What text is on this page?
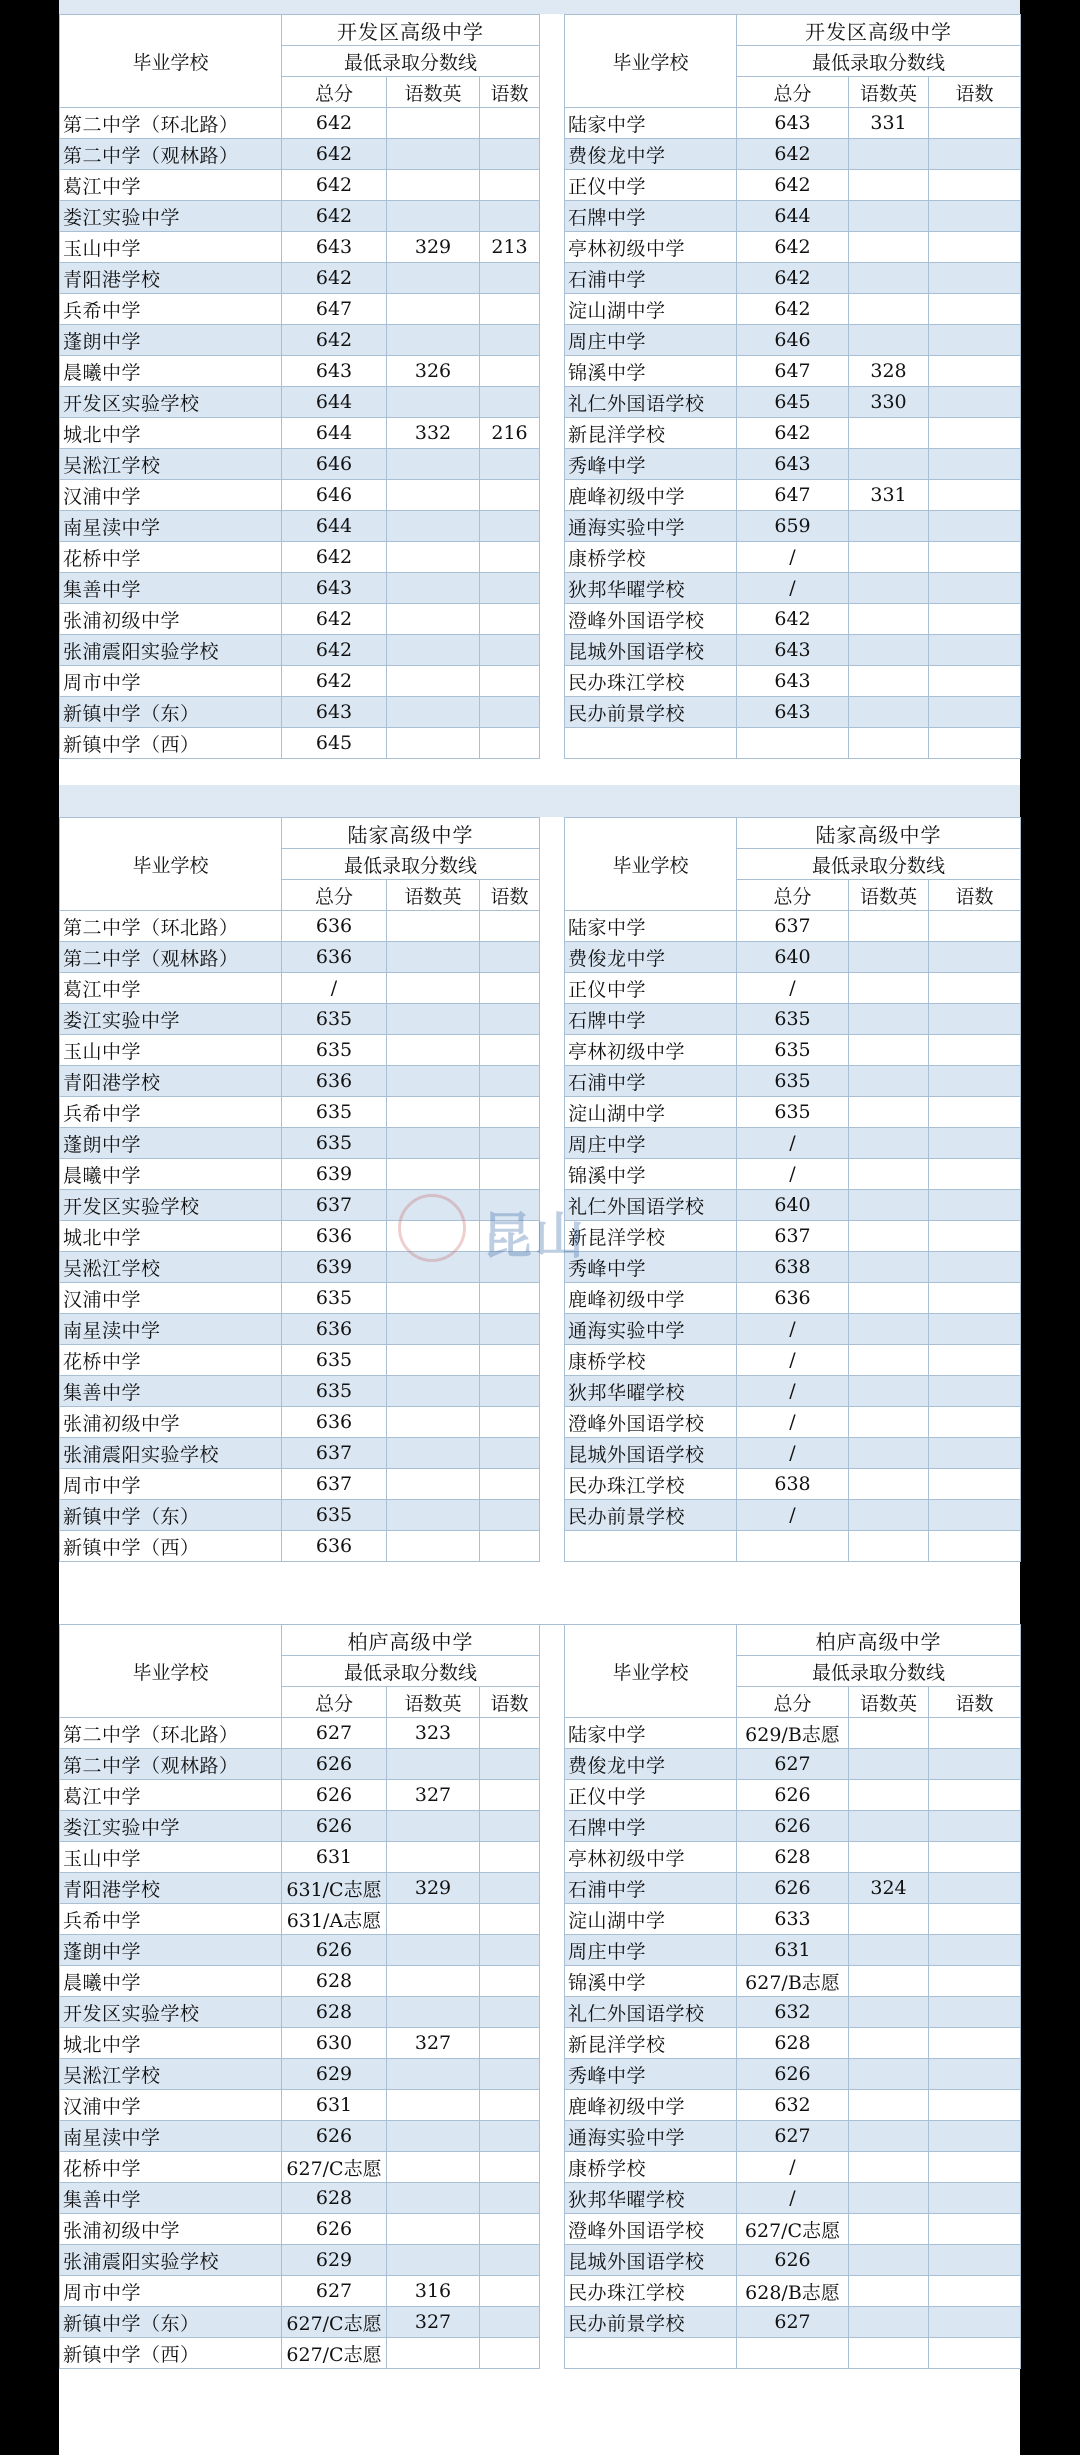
毕业学校	开发区高级中学		
	最低录取分数线		
	总分	语数英	语数
第二中学（环北路）	642		
第二中学（观林路）	642		
葛江中学	642		
娄江实验中学	642		
玉山中学	643	329	213
青阳港学校	642		
兵希中学	647		
蓬朗中学	642		
晨曦中学	643	326	
开发区实验学校	644		
城北中学	644	332	216
吴淞江学校	646		
汉浦中学	646		
南星渎中学	644		
花桥中学	642		
集善中学	643		
张浦初级中学	642		
张浦震阳实验学校	642		
周市中学	642		
新镇中学（东）	643		
新镇中学（西）	645		
毕业学校	开发区高级中学		
	最低录取分数线		
	总分	语数英	语数
陆家中学	643	331	
费俊龙中学	642		
正仪中学	642		
石牌中学	644		
亭林初级中学	642		
石浦中学	642		
淀山湖中学	642		
周庄中学	646		
锦溪中学	647	328	
礼仁外国语学校	645	330	
新昆洋学校	642		
秀峰中学	643		
鹿峰初级中学	647	331	
通海实验中学	659		
康桥学校	/		
狄邦华曜学校	/		
澄峰外国语学校	642		
昆城外国语学校	643		
民办珠江学校	643		
民办前景学校	643		

毕业学校	陆家高级中学		
	最低录取分数线		
	总分	语数英	语数
第二中学（环北路）	636		
第二中学（观林路）	636		
葛江中学	/		
娄江实验中学	635		
玉山中学	635		
青阳港学校	636		
兵希中学	635		
蓬朗中学	635		
晨曦中学	639		
开发区实验学校	637		
城北中学	636		
吴淞江学校	639		
汉浦中学	635		
南星渎中学	636		
花桥中学	635		
集善中学	635		
张浦初级中学	636		
张浦震阳实验学校	637		
周市中学	637		
新镇中学（东）	635		
新镇中学（西）	636		
毕业学校	陆家高级中学		
	最低录取分数线		
	总分	语数英	语数
陆家中学	637		
费俊龙中学	640		
正仪中学	/		
石牌中学	635		
亭林初级中学	635		
石浦中学	635		
淀山湖中学	635		
周庄中学	/		
锦溪中学	/		
礼仁外国语学校	640		
新昆洋学校	637		
秀峰中学	638		
鹿峰初级中学	636		
通海实验中学	/		
康桥学校	/		
狄邦华曜学校	/		
澄峰外国语学校	/		
昆城外国语学校	/		
民办珠江学校	638		
民办前景学校	/		

毕业学校	柏庐高级中学		
	最低录取分数线		
	总分	语数英	语数
第二中学（环北路）	627	323	
第二中学（观林路）	626		
葛江中学	626	327	
娄江实验中学	626		
玉山中学	631		
青阳港学校	631/C志愿	329	
兵希中学	631/A志愿		
蓬朗中学	626		
晨曦中学	628		
开发区实验学校	628		
城北中学	630	327	
吴淞江学校	629		
汉浦中学	631		
南星渎中学	626		
花桥中学	627/C志愿		
集善中学	628		
张浦初级中学	626		
张浦震阳实验学校	629		
周市中学	627	316	
新镇中学（东）	627/C志愿	327	
新镇中学（西）	627/C志愿		
毕业学校	柏庐高级中学		
	最低录取分数线		
	总分	语数英	语数
陆家中学	629/B志愿		
费俊龙中学	627		
正仪中学	626		
石牌中学	626		
亭林初级中学	628		
石浦中学	626	324	
淀山湖中学	633		
周庄中学	631		
锦溪中学	627/B志愿		
礼仁外国语学校	632		
新昆洋学校	628		
秀峰中学	626		
鹿峰初级中学	632		
通海实验中学	627		
康桥学校	/		
狄邦华曜学校	/		
澄峰外国语学校	627/C志愿		
昆城外国语学校	626		
民办珠江学校	628/B志愿		
民办前景学校	627		

昆山
